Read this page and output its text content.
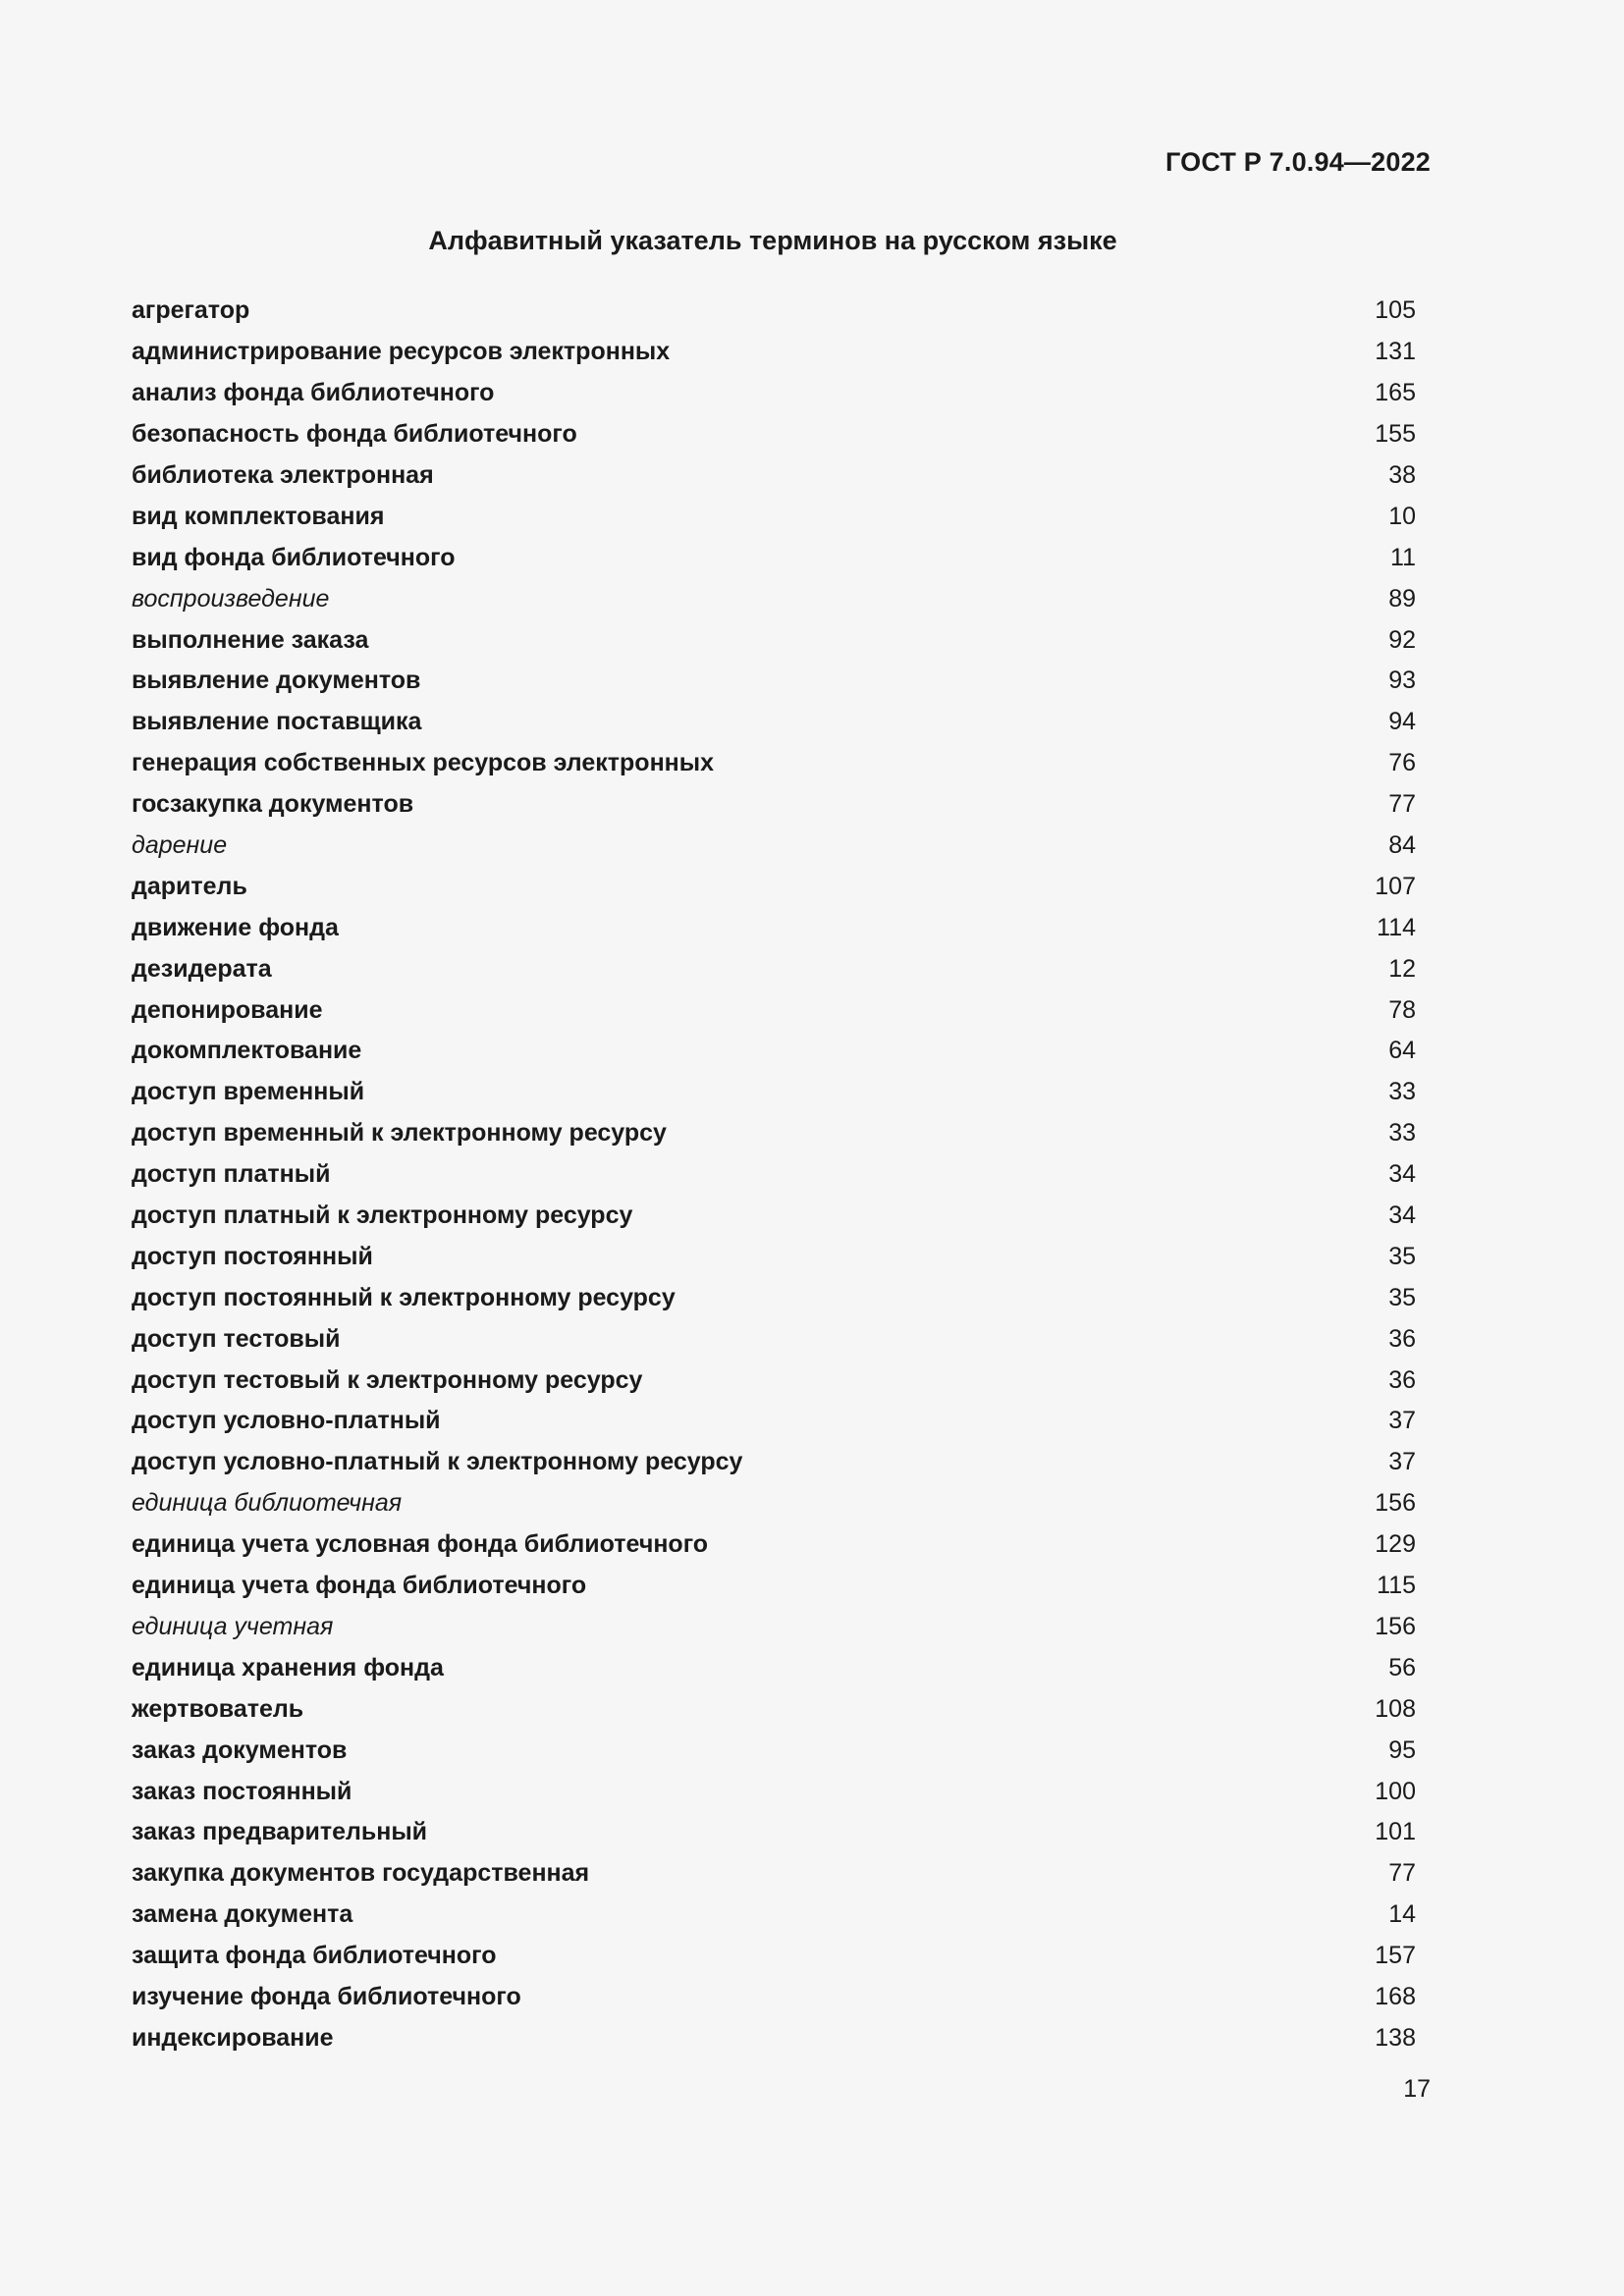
ГОСТ Р 7.0.94—2022
Алфавитный указатель терминов на русском языке
агрегатор	105
администрирование ресурсов электронных	131
анализ фонда библиотечного	165
безопасность фонда библиотечного	155
библиотека электронная	38
вид комплектования	10
вид фонда библиотечного	11
воспроизведение	89
выполнение заказа	92
выявление документов	93
выявление поставщика	94
генерация собственных ресурсов электронных	76
госзакупка документов	77
дарение	84
даритель	107
движение фонда	114
дезидерата	12
депонирование	78
докомплектование	64
доступ временный	33
доступ временный к электронному ресурсу	33
доступ платный	34
доступ платный к электронному ресурсу	34
доступ постоянный	35
доступ постоянный к электронному ресурсу	35
доступ тестовый	36
доступ тестовый к электронному ресурсу	36
доступ условно-платный	37
доступ условно-платный к электронному ресурсу	37
единица библиотечная	156
единица учета условная фонда библиотечного	129
единица учета фонда библиотечного	115
единица учетная	156
единица хранения фонда	56
жертвователь	108
заказ документов	95
заказ постоянный	100
заказ предварительный	101
закупка документов государственная	77
замена документа	14
защита фонда библиотечного	157
изучение фонда библиотечного	168
индексирование	138
17
